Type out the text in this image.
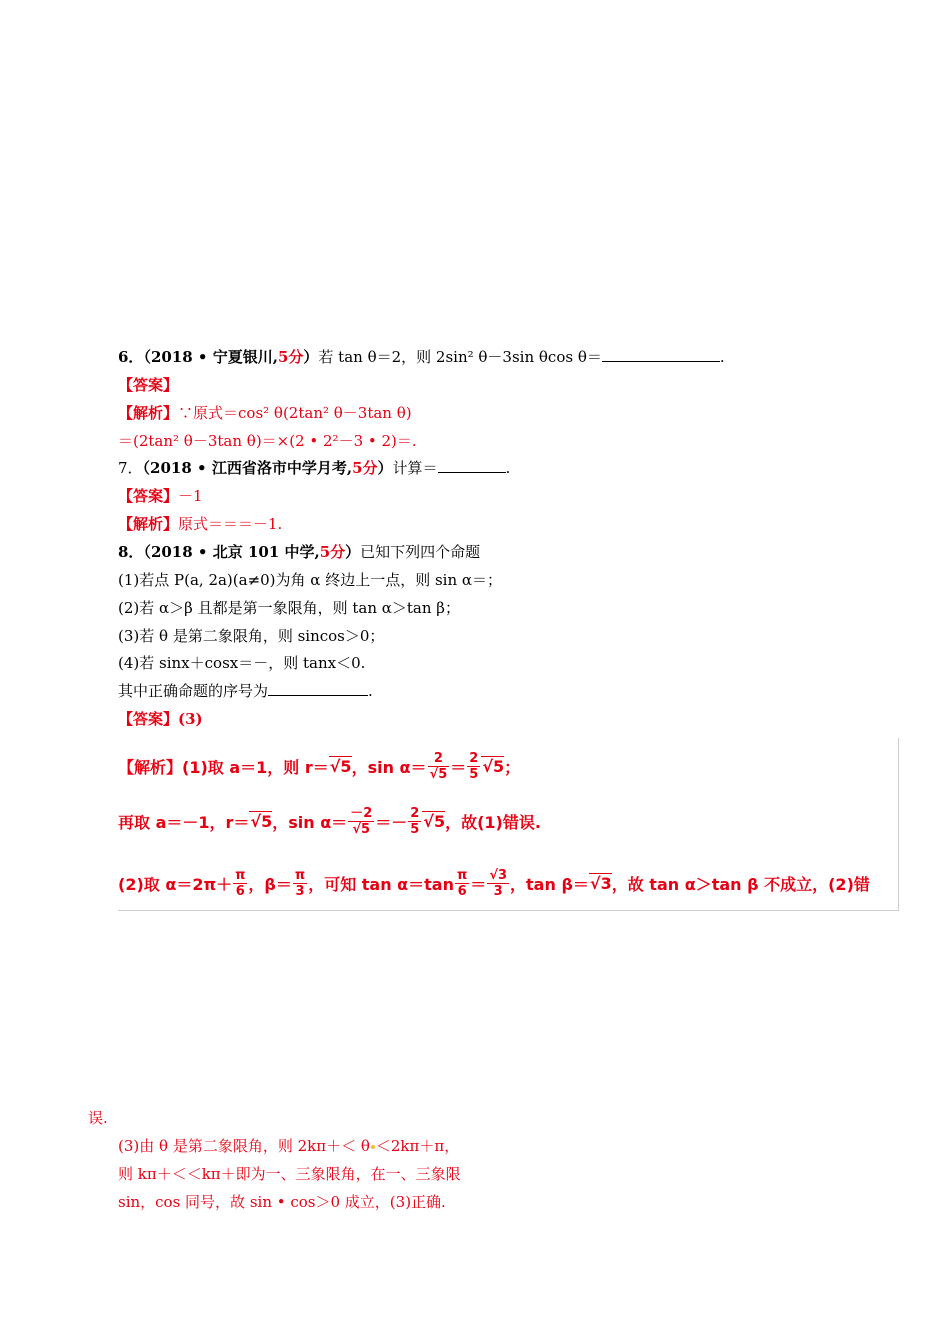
6．（2018 • 宁夏银川,5分）若 tan θ＝2，则 2sin² θ－3sin θcos θ＝	.
【答案】
【解析】∵原式＝cos² θ(2tan² θ－3tan θ)
＝(2tan² θ－3tan θ)＝×(2 • 2²－3 • 2)＝.
7．（2018 • 江西省洛市中学月考,5分）计算＝	.
【答案】－1
【解析】原式＝＝＝－1.
8．（2018 • 北京 101 中学,5分）已知下列四个命题
(1)若点 P(a, 2a)(a≠0)为角 α 终边上一点，则 sin α＝；
(2)若 α＞β 且都是第一象限角，则 tan α＞tan β；
(3)若 θ 是第二象限角，则 sincos＞0；
(4)若 sinx＋cosx＝－，则 tanx＜0.
其中正确命题的序号为	.
【答案】(3)
【解析】 (1)取 a＝1，则 r＝ √5 ，$\sin \alpha= \frac{2}{√5} = \frac{2}{5} √5$ ；
再取 a＝－1，r＝ √5 ，$\sin \alpha= \frac{-2}{√5} =- \frac{2}{5} √5$ ，故(1)错误.
(2)取 $\alpha=2\pi+ \frac{\pi}{6}$ ，$\beta= \frac{\pi}{3}$ ，可知 $\tan \alpha=\tan \frac{\pi}{6} = \frac{√3}{3}$ ，tan β＝ √3 ，故 tan α＞tan β 不成立，(2)错
误.
(3)由 θ 是第二象限角，则 2kπ＋＜ θ ＜2kπ＋π，
则 kπ＋＜＜kπ＋即为一、三象限角，在一、三象限
sin，cos 同号，故 sin • cos＞0 成立，(3)正确.
